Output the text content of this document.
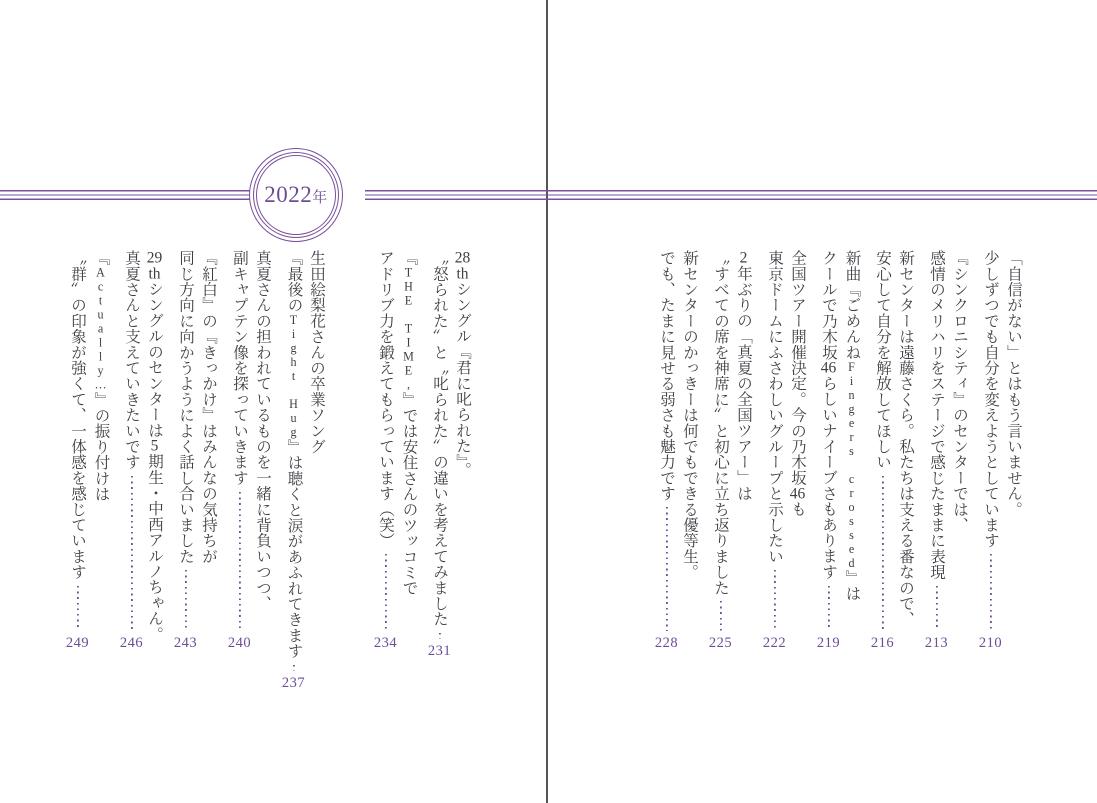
2022年
「自信がない」とはもう言いません。
少しずつでも自分を変えようとしています
210
『シンクロニシティ』のセンターでは、
感情のメリハリをステージで感じたままに表現
213
新センターは遠藤さくら。私たちは支える番なので、
安心して自分を解放してほしい
216
新曲『ごめんねFingers crossed』は
クールで乃木坂46らしいナイーブさもあります
219
全国ツアー開催決定。今の乃木坂46も
東京ドームにふさわしいグループと示したい
222
2年ぶりの「真夏の全国ツアー」は
〝すべての席を神席に〟と初心に立ち返りました
225
新センターのかっきーは何でもできる優等生。
でも、たまに見せる弱さも魅力です
228
28thシングル『君に叱られた』。
〝怒られた〟と〝叱られた〟の違いを考えてみました
231
『THE TIME,』では安住さんのツッコミで
アドリブ力を鍛えてもらっています（笑）
234
生田絵梨花さんの卒業ソング
『最後のTight Hug』は聴くと涙があふれてきます
237
真夏さんの担われているものを一緒に背負いつつ、
副キャプテン像を探っていきます
240
『紅白』の『きっかけ』はみんなの気持ちが
同じ方向に向かうようによく話し合いました
243
29thシングルのセンターは5期生・中西アルノちゃん。
真夏さんと支えていきたいです
246
『Actually…』の振り付けは
〝群〟の印象が強くて、一体感を感じています
249
